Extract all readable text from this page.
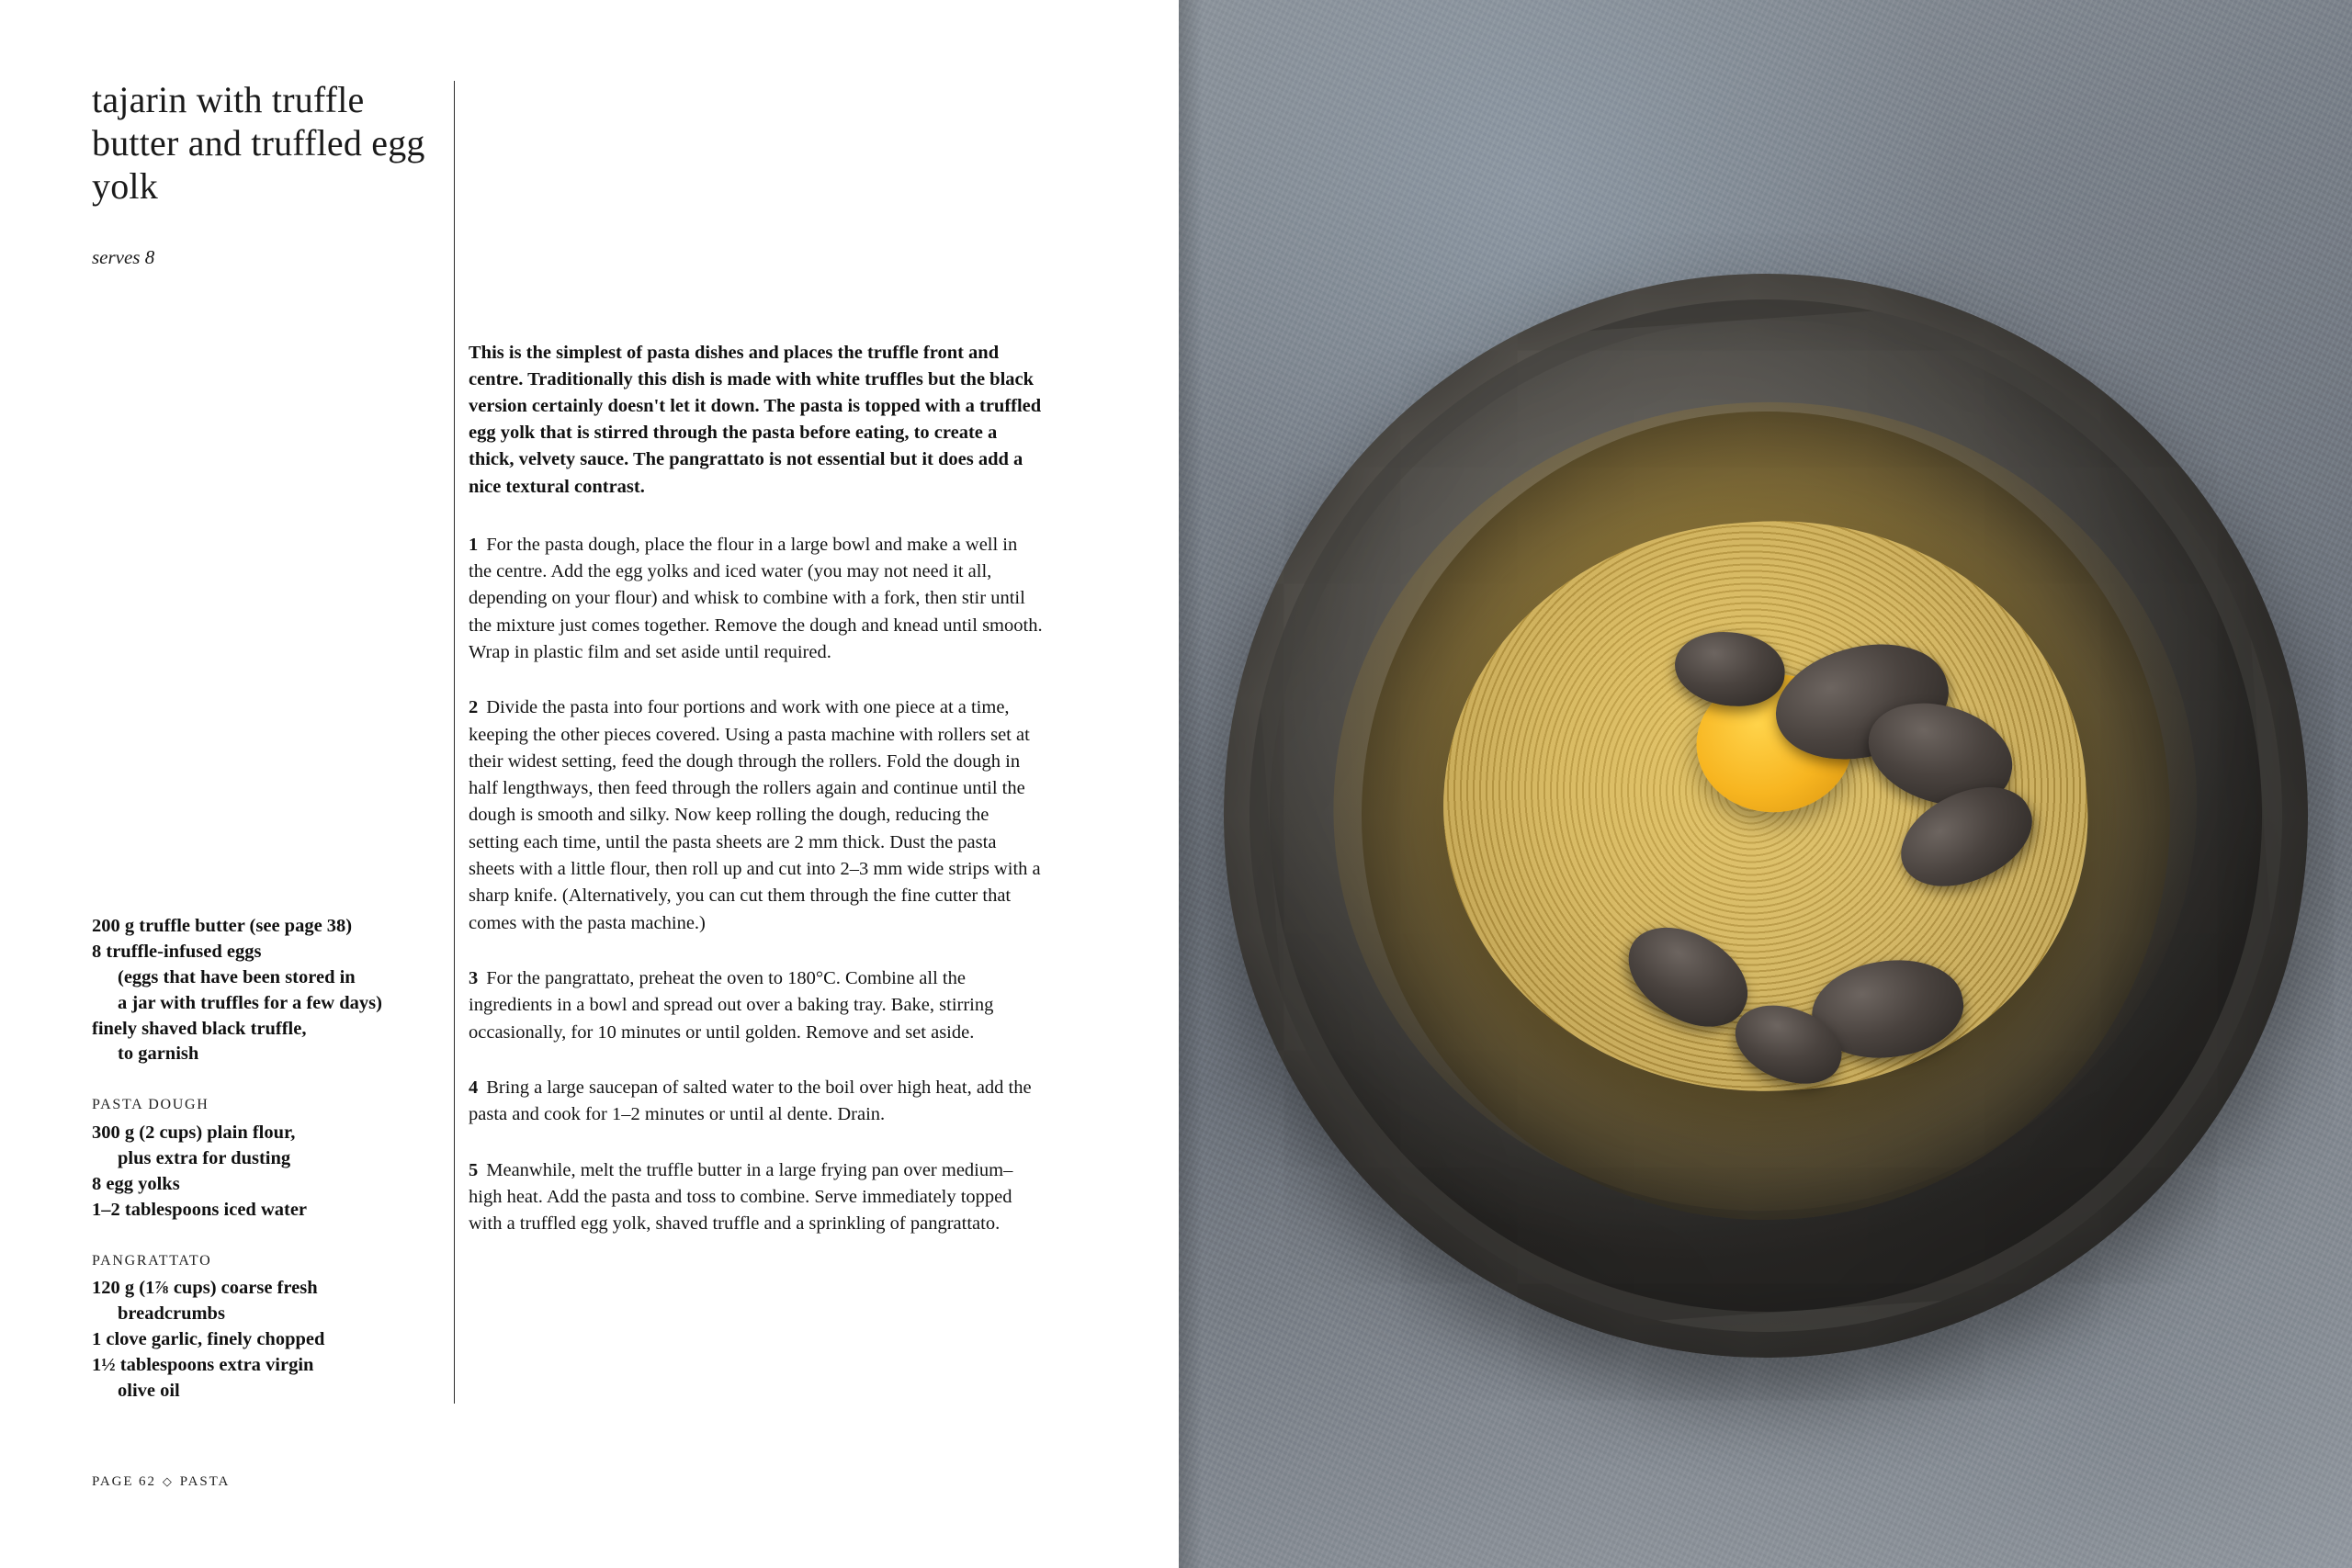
tajarin with truffle butter and truffled egg yolk
serves 8
200 g truffle butter (see page 38)
8 truffle-infused eggs
(eggs that have been stored in
a jar with truffles for a few days)
finely shaved black truffle,
to garnish
PASTA DOUGH
300 g (2 cups) plain flour,
plus extra for dusting
8 egg yolks
1–2 tablespoons iced water
PANGRATTATO
120 g (1⅞ cups) coarse fresh
breadcrumbs
1 clove garlic, finely chopped
1½ tablespoons extra virgin
olive oil

This is the simplest of pasta dishes and places the truffle front and centre. Traditionally this dish is made with white truffles but the black version certainly doesn't let it down. The pasta is topped with a truffled egg yolk that is stirred through the pasta before eating, to create a thick, velvety sauce. The pangrattato is not essential but it does add a nice textural contrast.

1 For the pasta dough, place the flour in a large bowl and make a well in the centre. Add the egg yolks and iced water (you may not need it all, depending on your flour) and whisk to combine with a fork, then stir until the mixture just comes together. Remove the dough and knead until smooth. Wrap in plastic film and set aside until required.

2 Divide the pasta into four portions and work with one piece at a time, keeping the other pieces covered. Using a pasta machine with rollers set at their widest setting, feed the dough through the rollers. Fold the dough in half lengthways, then feed through the rollers again and continue until the dough is smooth and silky. Now keep rolling the dough, reducing the setting each time, until the pasta sheets are 2 mm thick. Dust the pasta sheets with a little flour, then roll up and cut into 2–3 mm wide strips with a sharp knife. (Alternatively, you can cut them through the fine cutter that comes with the pasta machine.)

3 For the pangrattato, preheat the oven to 180°C. Combine all the ingredients in a bowl and spread out over a baking tray. Bake, stirring occasionally, for 10 minutes or until golden. Remove and set aside.

4 Bring a large saucepan of salted water to the boil over high heat, add the pasta and cook for 1–2 minutes or until al dente. Drain.

5 Meanwhile, melt the truffle butter in a large frying pan over medium–high heat. Add the pasta and toss to combine. Serve immediately topped with a truffled egg yolk, shaved truffle and a sprinkling of pangrattato.

PAGE 62 ◇ PASTA
